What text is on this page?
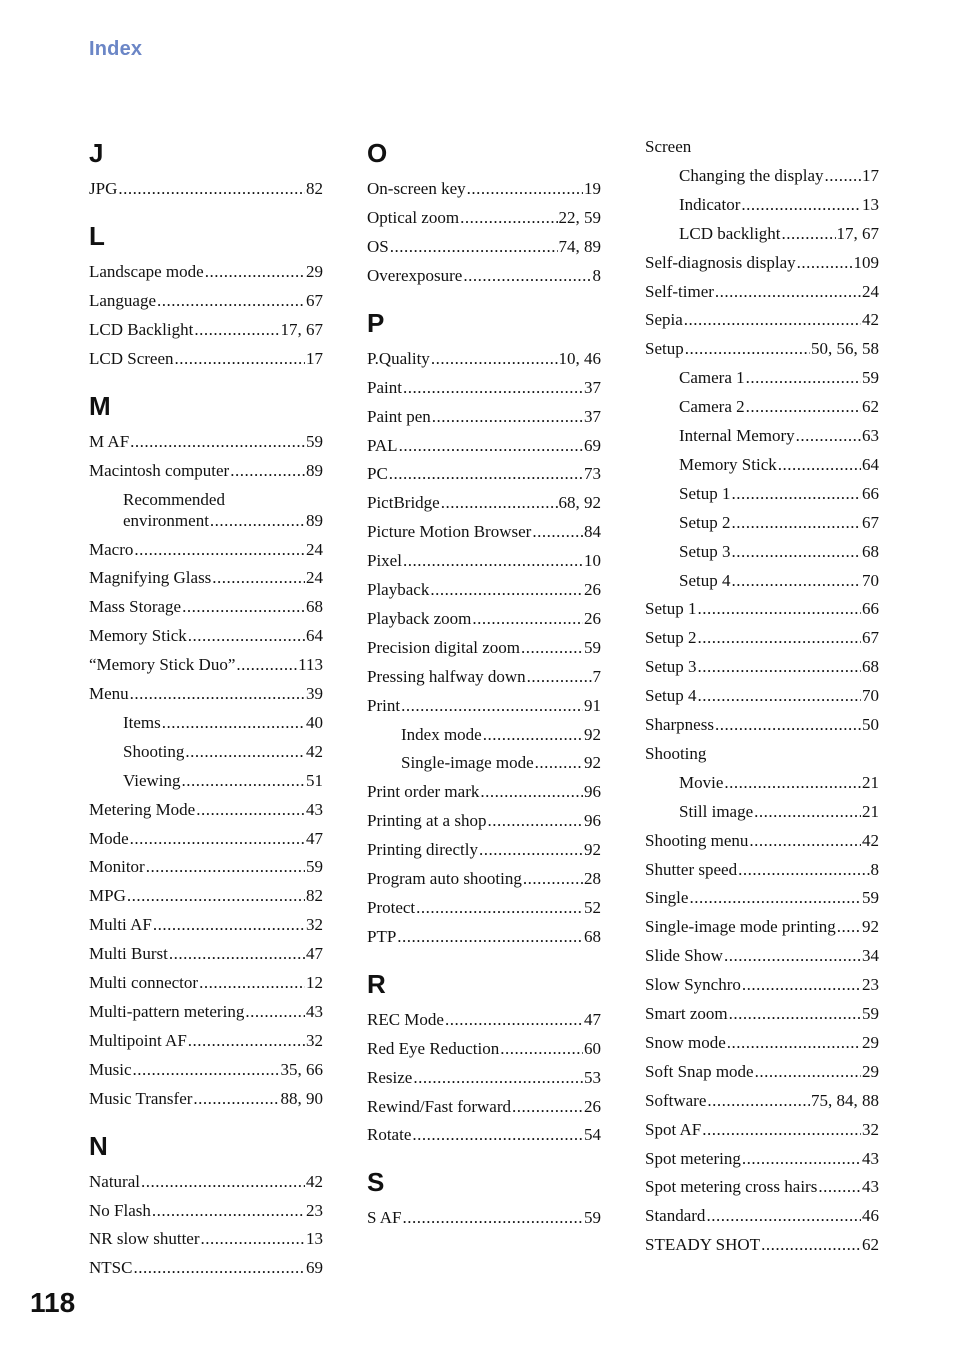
Index
J
JPG .....	82
L
Landscape mode .....	29
Language .....	67
LCD Backlight .....	17, 67
LCD Screen .....	17
M
M AF .....	59
Macintosh computer .....	89
Recommended
environment .....	89
Macro .....	24
Magnifying Glass .....	24
Mass Storage .....	68
Memory Stick .....	64
“Memory Stick Duo” .....	113
Menu .....	39
Items .....	40
Shooting .....	42
Viewing .....	51
Metering Mode .....	43
Mode .....	47
Monitor .....	59
MPG .....	82
Multi AF .....	32
Multi Burst .....	47
Multi connector .....	12
Multi-pattern metering .....	43
Multipoint AF .....	32
Music .....	35, 66
Music Transfer .....	88, 90
N
Natural .....	42
No Flash .....	23
NR slow shutter .....	13
NTSC .....	69
O
On-screen key .....	19
Optical zoom .....	22, 59
OS .....	74, 89
Overexposure .....	8
P
P.Quality .....	10, 46
Paint .....	37
Paint pen .....	37
PAL .....	69
PC .....	73
PictBridge .....	68, 92
Picture Motion Browser .....	84
Pixel .....	10
Playback .....	26
Playback zoom .....	26
Precision digital zoom .....	59
Pressing halfway down .....	7
Print .....	91
Index mode .....	92
Single-image mode .....	92
Print order mark .....	96
Printing at a shop .....	96
Printing directly .....	92
Program auto shooting .....	28
Protect .....	52
PTP .....	68
R
REC Mode .....	47
Red Eye Reduction .....	60
Resize .....	53
Rewind/Fast forward .....	26
Rotate .....	54
S
S AF .....	59
Screen
Changing the display ..... 17
Indicator .....	13
LCD backlight .....	17, 67
Self-diagnosis display .....	109
Self-timer .....	24
Sepia .....	42
Setup .....	50, 56, 58
Camera 1 .....	59
Camera 2 .....	62
Internal Memory .....	63
Memory Stick .....	64
Setup 1 .....	66
Setup 2 .....	67
Setup 3 .....	68
Setup 4 .....	70
Setup 1 .....	66
Setup 2 .....	67
Setup 3 .....	68
Setup 4 .....	70
Sharpness .....	50
Shooting
Movie .....	21
Still image .....	21
Shooting menu .....	42
Shutter speed .....	8
Single .....	59
Single-image mode printing ..... 92
Slide Show .....	34
Slow Synchro .....	23
Smart zoom .....	59
Snow mode .....	29
Soft Snap mode .....	29
Software .....	75, 84, 88
Spot AF .....	32
Spot metering .....	43
Spot metering cross hairs .....	43
Standard .....	46
STEADY SHOT .....	62
118
